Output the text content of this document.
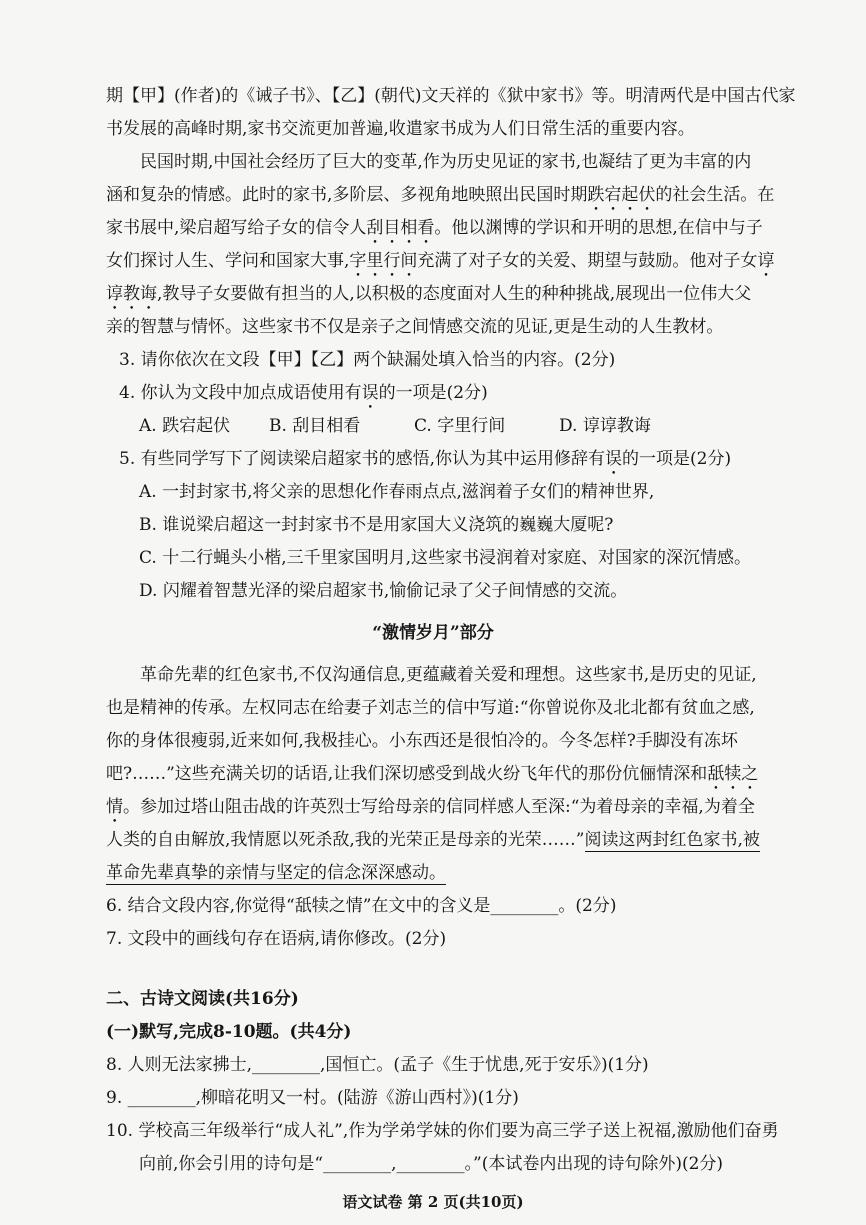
期【甲】(作者)的《诫子书》、【乙】(朝代)文天祥的《狱中家书》等。明清两代是中国古代家
书发展的高峰时期,家书交流更加普遍,收遣家书成为人们日常生活的重要内容。
民国时期,中国社会经历了巨大的变革,作为历史见证的家书,也凝结了更为丰富的内
涵和复杂的情感。此时的家书,多阶层、多视角地映照出民国时期跌宕起伏的社会生活。在
家书展中,梁启超写给子女的信令人刮目相看。他以渊博的学识和开明的思想,在信中与子
女们探讨人生、学问和国家大事,字里行间充满了对子女的关爱、期望与鼓励。他对子女谆
谆教诲,教导子女要做有担当的人,以积极的态度面对人生的种种挑战,展现出一位伟大父
亲的智慧与情怀。这些家书不仅是亲子之间情感交流的见证,更是生动的人生教材。
3. 请你依次在文段【甲】【乙】两个缺漏处填入恰当的内容。(2分)
4. 你认为文段中加点成语使用有误的一项是(2分)
A. 跌宕起伏 B. 刮目相看	C. 字里行间	D. 谆谆教诲
5. 有些同学写下了阅读梁启超家书的感悟,你认为其中运用修辞有误的一项是(2分)
A. 一封封家书,将父亲的思想化作春雨点点,滋润着子女们的精神世界,
B. 谁说梁启超这一封封家书不是用家国大义浇筑的巍巍大厦呢?
C. 十二行蝇头小楷,三千里家国明月,这些家书浸润着对家庭、对国家的深沉情感。
D. 闪耀着智慧光泽的梁启超家书,愉偷记录了父子间情感的交流。
“激情岁月”部分
革命先辈的红色家书,不仅沟通信息,更蕴藏着关爱和理想。这些家书,是历史的见证,
也是精神的传承。左权同志在给妻子刘志兰的信中写道:“你曾说你及北北都有贫血之感,
你的身体很瘦弱,近来如何,我极挂心。小东西还是很怕冷的。今冬怎样?手脚没有冻坏
吧?……”这些充满关切的话语,让我们深切感受到战火纷飞年代的那份伉俪情深和舐犊之
情。参加过塔山阻击战的许英烈士写给母亲的信同样感人至深:“为着母亲的幸福,为着全
人类的自由解放,我情愿以死杀敌,我的光荣正是母亲的光荣……”阅读这两封红色家书,被
革命先辈真挚的亲情与坚定的信念深深感动。
6. 结合文段内容,你觉得“舐犊之情”在文中的含义是________。(2分)
7. 文段中的画线句存在语病,请你修改。(2分)
二、古诗文阅读(共16分)
(一)默写,完成8-10题。(共4分)
8. 人则无法家拂士,________,国恒亡。(孟子《生于忧患,死于安乐》)(1分)
9. ________,柳暗花明又一村。(陆游《游山西村》)(1分)
10. 学校高三年级举行“成人礼”,作为学弟学妹的你们要为高三学子送上祝福,激励他们奋勇
向前,你会引用的诗句是“________,________。”(本试卷内出现的诗句除外)(2分)
语文试卷 第 2 页(共10页)
